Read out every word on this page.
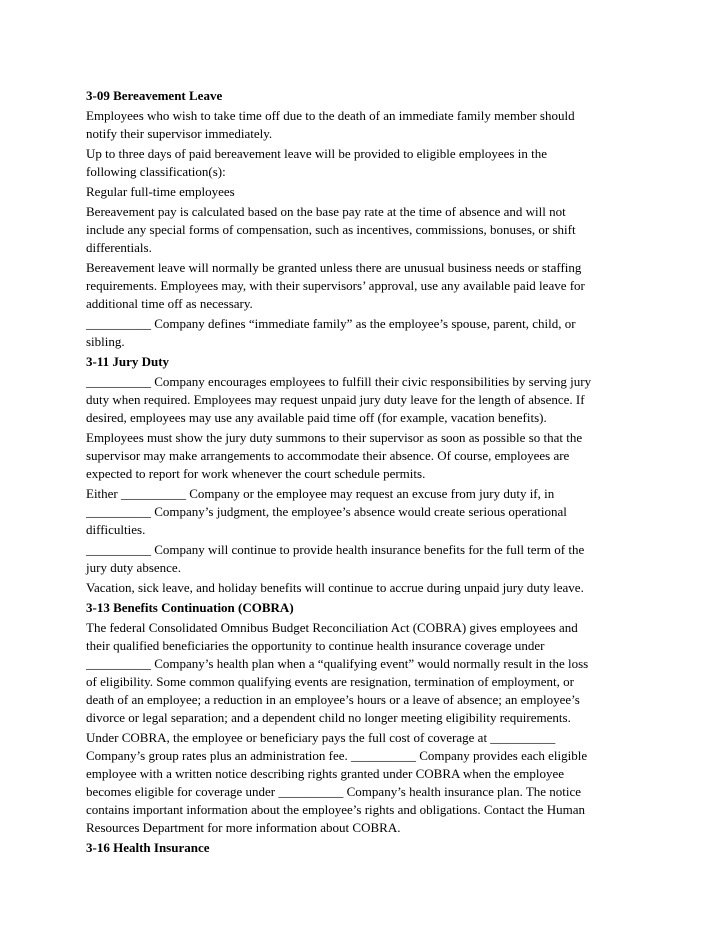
3-09 Bereavement Leave
Employees who wish to take time off due to the death of an immediate family member should
notify their supervisor immediately.
Up to three days of paid bereavement leave will be provided to eligible employees in the
following classification(s):
Regular full-time employees
Bereavement pay is calculated based on the base pay rate at the time of absence and will not
include any special forms of compensation, such as incentives, commissions, bonuses, or shift
differentials.
Bereavement leave will normally be granted unless there are unusual business needs or staffing
requirements. Employees may, with their supervisors’ approval, use any available paid leave for
additional time off as necessary.
__________ Company defines “immediate family” as the employee’s spouse, parent, child, or
sibling.
3-11 Jury Duty
__________ Company encourages employees to fulfill their civic responsibilities by serving jury
duty when required. Employees may request unpaid jury duty leave for the length of absence. If
desired, employees may use any available paid time off (for example, vacation benefits).
Employees must show the jury duty summons to their supervisor as soon as possible so that the
supervisor may make arrangements to accommodate their absence. Of course, employees are
expected to report for work whenever the court schedule permits.
Either __________ Company or the employee may request an excuse from jury duty if, in
__________ Company’s judgment, the employee’s absence would create serious operational
difficulties.
__________ Company will continue to provide health insurance benefits for the full term of the
jury duty absence.
Vacation, sick leave, and holiday benefits will continue to accrue during unpaid jury duty leave.
3-13 Benefits Continuation (COBRA)
The federal Consolidated Omnibus Budget Reconciliation Act (COBRA) gives employees and
their qualified beneficiaries the opportunity to continue health insurance coverage under
__________ Company’s health plan when a “qualifying event” would normally result in the loss
of eligibility. Some common qualifying events are resignation, termination of employment, or
death of an employee; a reduction in an employee’s hours or a leave of absence; an employee’s
divorce or legal separation; and a dependent child no longer meeting eligibility requirements.
Under COBRA, the employee or beneficiary pays the full cost of coverage at __________
Company’s group rates plus an administration fee. __________ Company provides each eligible
employee with a written notice describing rights granted under COBRA when the employee
becomes eligible for coverage under __________ Company’s health insurance plan. The notice
contains important information about the employee’s rights and obligations. Contact the Human
Resources Department for more information about COBRA.
3-16 Health Insurance
